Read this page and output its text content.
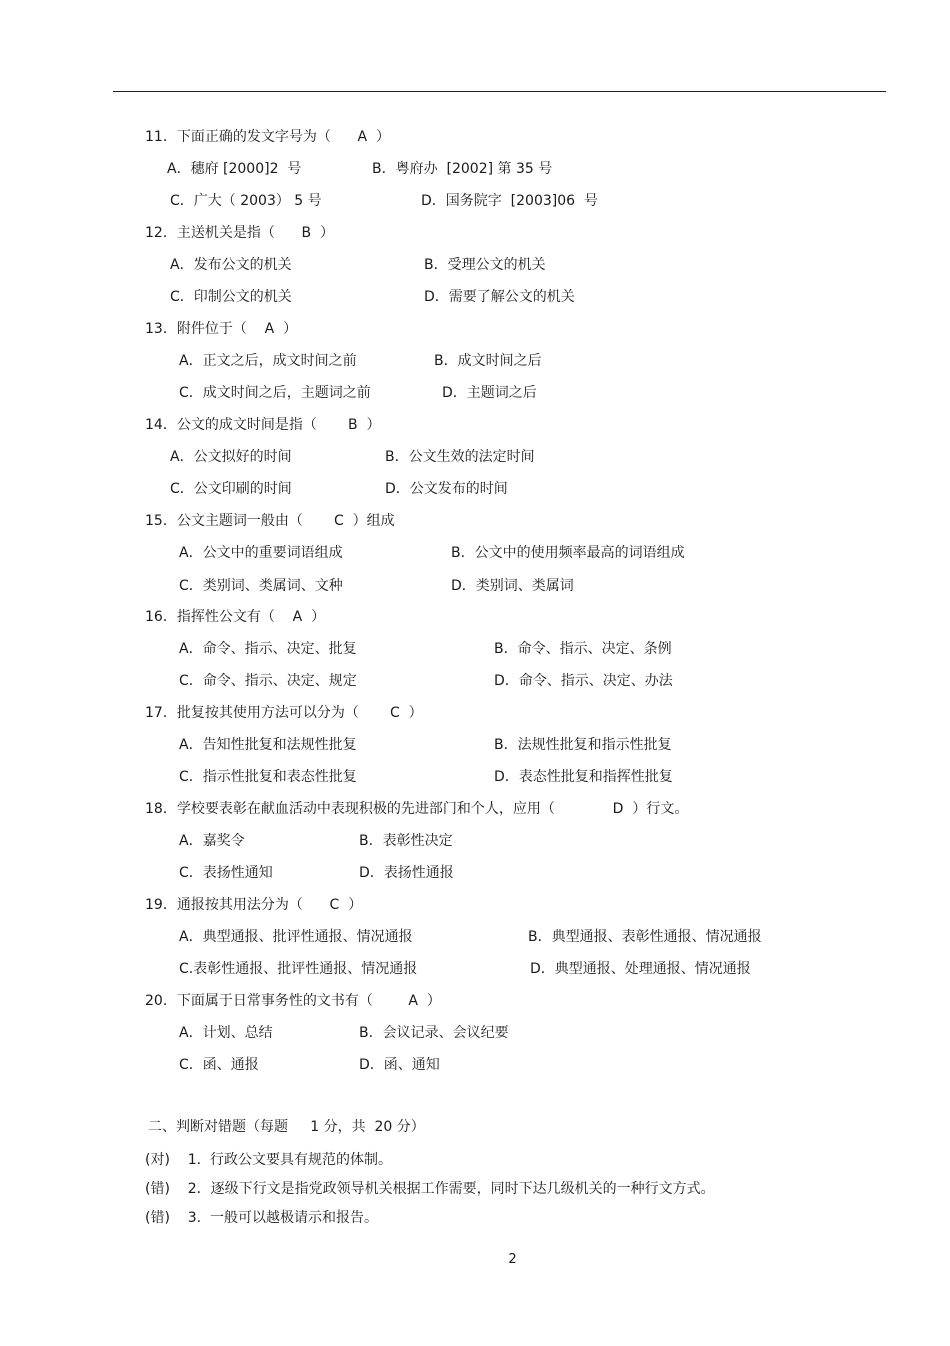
11．下面正确的发文字号为（      A  ）
A．穗府 [2000]2  号	B．粤府办  [2002] 第 35 号
C．广大（ 2003） 5 号	D．国务院字  [2003]06  号
12．主送机关是指（      B  ）
A．发布公文的机关	B．受理公文的机关
C．印制公文的机关	D．需要了解公文的机关
13．附件位于（    A  ）
A．正文之后，成文时间之前	B．成文时间之后
C．成文时间之后，主题词之前	D．主题词之后
14．公文的成文时间是指（       B  ）
A．公文拟好的时间	B．公文生效的法定时间
C．公文印刷的时间	D．公文发布的时间
15．公文主题词一般由（       C  ）组成
A．公文中的重要词语组成	B．公文中的使用频率最高的词语组成
C．类别词、类属词、文种	D．类别词、类属词
16．指挥性公文有（    A  ）
A．命令、指示、决定、批复	B．命令、指示、决定、条例
C．命令、指示、决定、规定	D．命令、指示、决定、办法
17．批复按其使用方法可以分为（       C  ）
A．告知性批复和法规性批复	B．法规性批复和指示性批复
C．指示性批复和表态性批复	D．表态性批复和指挥性批复
18．学校要表彰在献血活动中表现积极的先进部门和个人，应用（             D  ）行文。
A．嘉奖令	B．表彰性决定
C．表扬性通知	D．表扬性通报
19．通报按其用法分为（      C  ）
A．典型通报、批评性通报、情况通报	B．典型通报、表彰性通报、情况通报
C.表彰性通报、批评性通报、情况通报	D．典型通报、处理通报、情况通报
20．下面属于日常事务性的文书有（        A  ）
A．计划、总结	B．会议记录、会议纪要
C．函、通报	D．函、通知
二、判断对错题（每题     1 分，共  20 分）
(对)    1.  行政公文要具有规范的体制。
(错)    2．逐级下行文是指党政领导机关根据工作需要，同时下达几级机关的一种行文方式。
(错)    3.  一般可以越极请示和报告。
2
